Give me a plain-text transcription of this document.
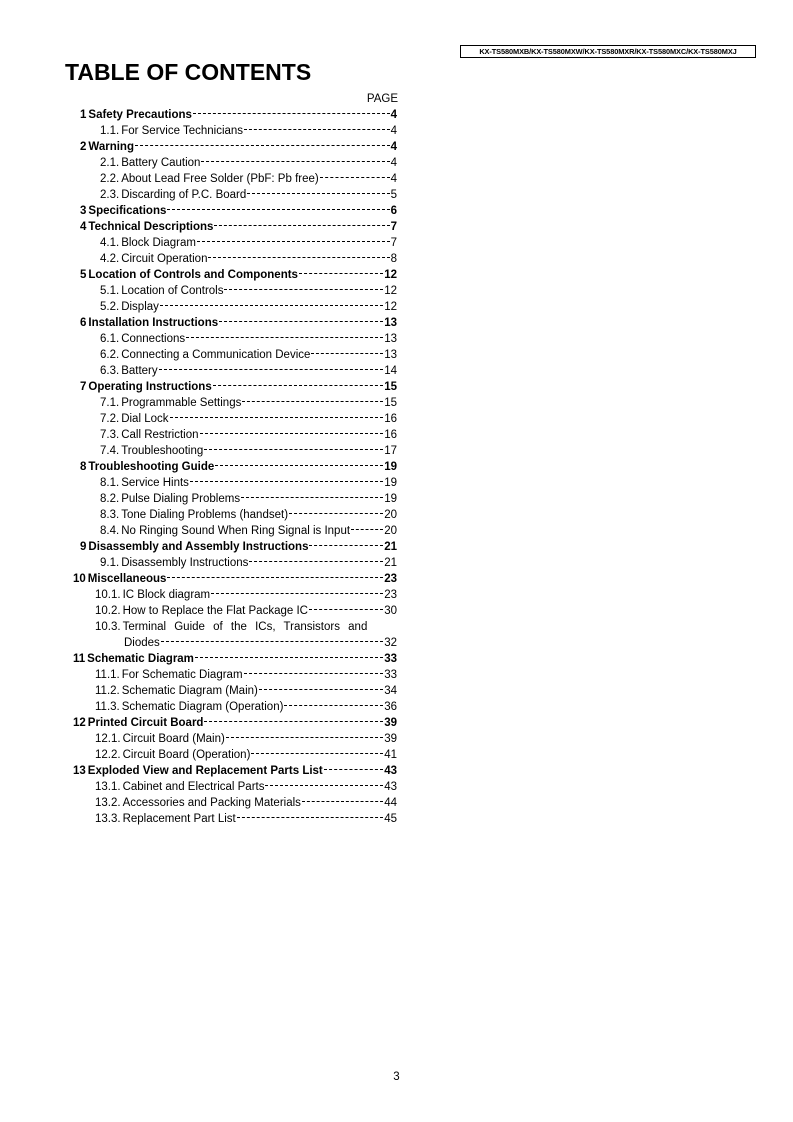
KX-TS580MXB/KX-TS580MXW/KX-TS580MXR/KX-TS580MXC/KX-TS580MXJ
TABLE OF CONTENTS
PAGE
1 Safety Precautions	4
1.1. For Service Technicians	4
2 Warning	4
2.1. Battery Caution	4
2.2. About Lead Free Solder (PbF: Pb free)	4
2.3. Discarding of P.C. Board	5
3 Specifications	6
4 Technical Descriptions	7
4.1. Block Diagram	7
4.2. Circuit Operation	8
5 Location of Controls and Components	12
5.1. Location of Controls	12
5.2. Display	12
6 Installation Instructions	13
6.1. Connections	13
6.2. Connecting a Communication Device	13
6.3. Battery	14
7 Operating Instructions	15
7.1. Programmable Settings	15
7.2. Dial Lock	16
7.3. Call Restriction	16
7.4. Troubleshooting	17
8 Troubleshooting Guide	19
8.1. Service Hints	19
8.2. Pulse Dialing Problems	19
8.3. Tone Dialing Problems (handset)	20
8.4. No Ringing Sound When Ring Signal is Input	20
9 Disassembly and Assembly Instructions	21
9.1. Disassembly Instructions	21
10 Miscellaneous	23
10.1. IC Block diagram	23
10.2. How to Replace the Flat Package IC	30
10.3. Terminal Guide of the ICs, Transistors and
Diodes	32
11 Schematic Diagram	33
11.1. For Schematic Diagram	33
11.2. Schematic Diagram (Main)	34
11.3. Schematic Diagram (Operation)	36
12 Printed Circuit Board	39
12.1. Circuit Board (Main)	39
12.2. Circuit Board (Operation)	41
13 Exploded View and Replacement Parts List	43
13.1. Cabinet and Electrical Parts	43
13.2. Accessories and Packing Materials	44
13.3. Replacement Part List	45
3
